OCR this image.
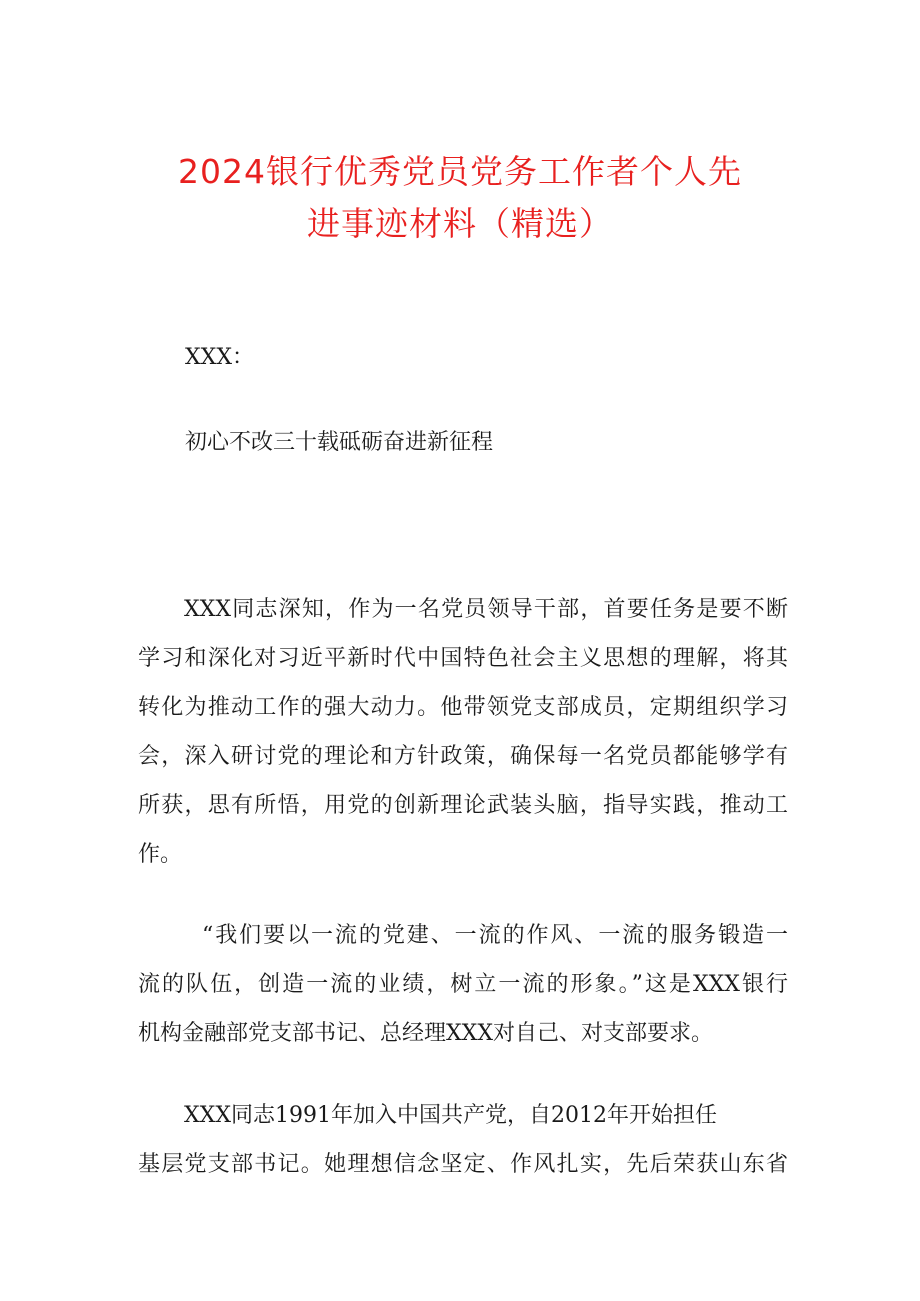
2024银行优秀党员党务工作者个人先
进事迹材料（精选）
XXX：
初心不改三十载砥砺奋进新征程
XXX同志深知，作为一名党员领导干部，首要任务是要不断
学习和深化对习近平新时代中国特色社会主义思想的理解，将其
转化为推动工作的强大动力。他带领党支部成员，定期组织学习
会，深入研讨党的理论和方针政策，确保每一名党员都能够学有
所获，思有所悟，用党的创新理论武装头脑，指导实践，推动工
作。
“我们要以一流的党建、一流的作风、一流的服务锻造一
流的队伍，创造一流的业绩，树立一流的形象。”这是XXX银行
机构金融部党支部书记、总经理XXX对自己、对支部要求。
XXX同志1991年加入中国共产党，自2012年开始担任
基层党支部书记。她理想信念坚定、作风扎实，先后荣获山东省
